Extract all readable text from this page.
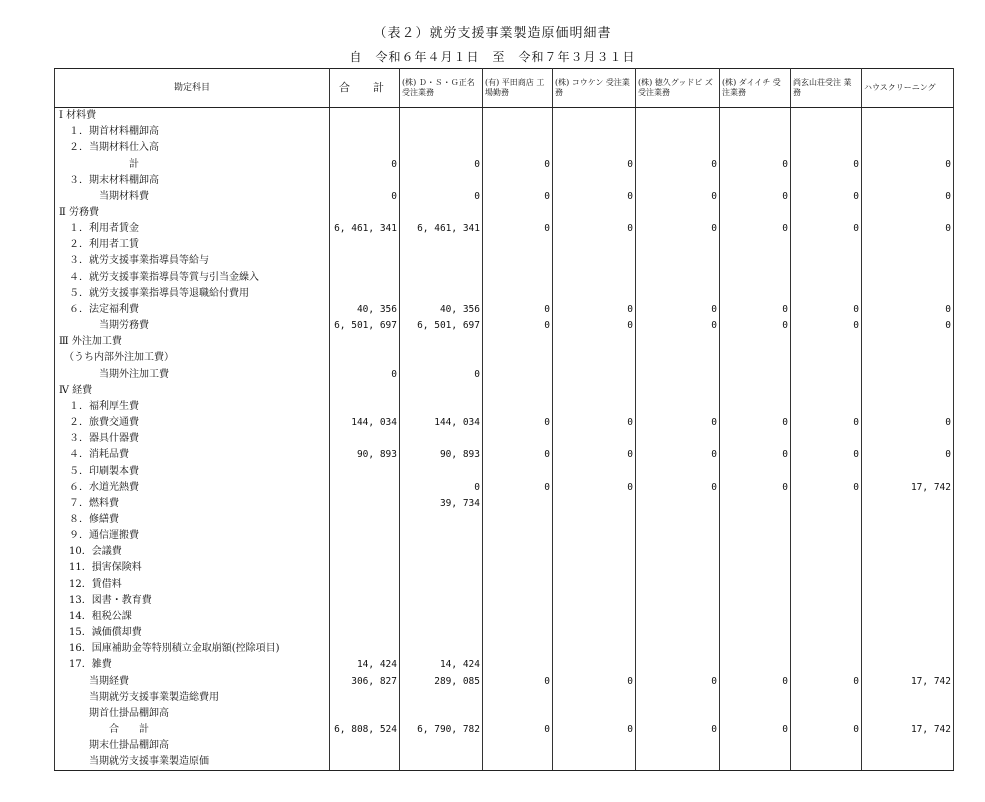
（表２）就労支援事業製造原価明細書
自　令和６年４月１日　至　令和７年３月３１日
勘定科目	合　計	(株) Ｄ・Ｓ・Ｇ正名 受注業務	(有) 平田商店 工場勤務	(株) コウケン 受注業務	(株) 徳久グッドビ ズ受注業務	(株) ダイイチ 受注業務	尚玄山荘受注 業務	ハウスクリーニング
Ⅰ 材料費								
　１．期首材料棚卸高								
　２．当期材料仕入高								
　　　　　　　計	0	0	0	0	0	0	0	0
　３．期末材料棚卸高								
　　　　当期材料費	0	0	0	0	0	0	0	0
Ⅱ 労務費								
　１．利用者賃金	6, 461, 341	6, 461, 341	0	0	0	0	0	0
　２．利用者工賃								
　３．就労支援事業指導員等給与								
　４．就労支援事業指導員等賞与引当金繰入								
　５．就労支援事業指導員等退職給付費用								
　６．法定福利費	40, 356	40, 356	0	0	0	0	0	0
　　　　当期労務費	6, 501, 697	6, 501, 697	0	0	0	0	0	0
Ⅲ 外注加工費								
　（うち内部外注加工費）								
　　　　当期外注加工費	0	0						
Ⅳ 経費								
　１．福利厚生費								
　２．旅費交通費	144, 034	144, 034	0	0	0	0	0	0
　３．器具什器費								
　４．消耗品費	90, 893	90, 893	0	0	0	0	0	0
　５．印刷製本費								
　６．水道光熱費		0	0	0	0	0	0	17, 742
　７．燃料費		39, 734						
　８．修繕費								
　９．通信運搬費								
　10．会議費								
　11．損害保険料								
　12．賃借料								
　13．図書・教育費								
　14．租税公課								
　15．減価償却費								
　16．国庫補助金等特別積立金取崩額(控除項目)								
　17．雑費	14, 424	14, 424						
　　　当期経費	306, 827	289, 085	0	0	0	0	0	17, 742
　　　当期就労支援事業製造総費用								
　　　期首仕掛品棚卸高								
　　　　　合　　計	6, 808, 524	6, 790, 782	0	0	0	0	0	17, 742
　　　期末仕掛品棚卸高								
　　　当期就労支援事業製造原価								
